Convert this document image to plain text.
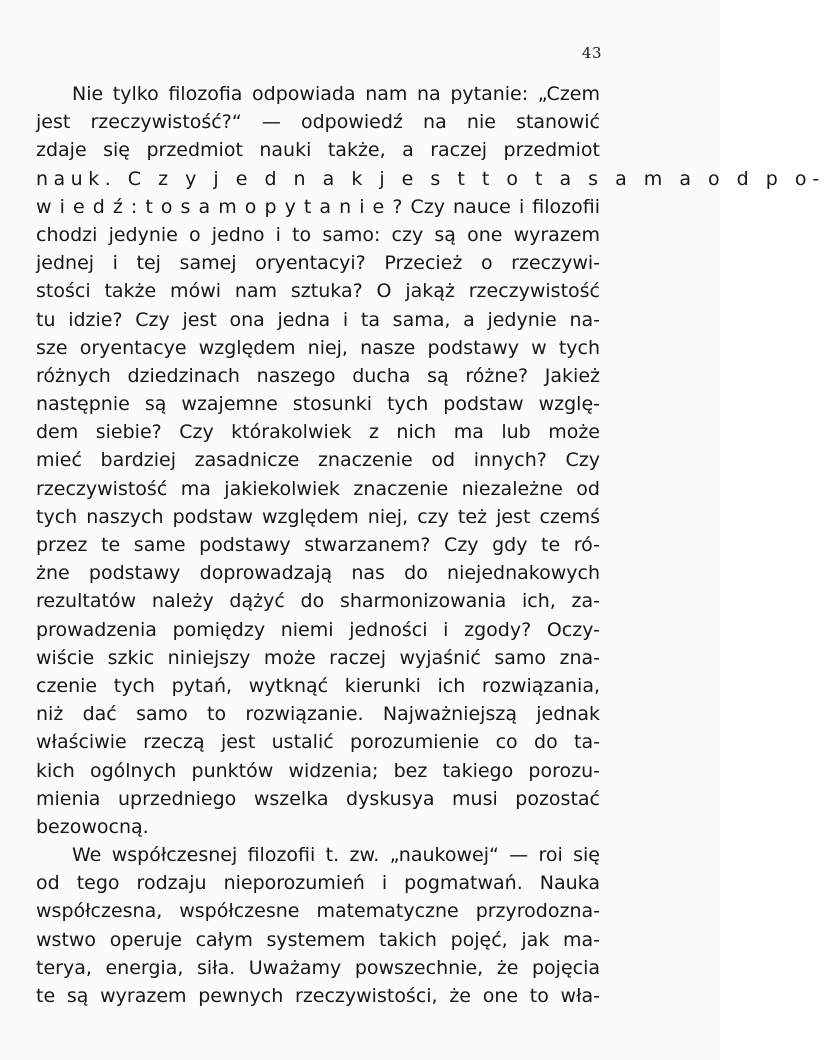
43
Nie tylko filozofia odpowiada nam na pytanie: „Czem
jest rzeczywistość?“ — odpowiedź na nie stanowić
zdaje się przedmiot nauki także, a raczej przedmiot
nauk. C z y j e d n a k j e s t t o t a s a m a o d p o-
w i e d ź : t o s a m o p y t a n i e ? Czy nauce i filozofii
chodzi jedynie o jedno i to samo: czy są one wyrazem
jednej i tej samej oryentacyi? Przecież o rzeczywi-
stości także mówi nam sztuka? O jakąż rzeczywistość
tu idzie? Czy jest ona jedna i ta sama, a jedynie na-
sze oryentacye względem niej, nasze podstawy w tych
różnych dziedzinach naszego ducha są różne? Jakież
następnie są wzajemne stosunki tych podstaw wzglę-
dem siebie? Czy którakolwiek z nich ma lub może
mieć bardziej zasadnicze znaczenie od innych? Czy
rzeczywistość ma jakiekolwiek znaczenie niezależne od
tych naszych podstaw względem niej, czy też jest czemś
przez te same podstawy stwarzanem? Czy gdy te ró-
żne podstawy doprowadzają nas do niejednakowych
rezultatów należy dążyć do sharmonizowania ich, za-
prowadzenia pomiędzy niemi jedności i zgody? Oczy-
wiście szkic niniejszy może raczej wyjaśnić samo zna-
czenie tych pytań, wytknąć kierunki ich rozwiązania,
niż dać samo to rozwiązanie. Najważniejszą jednak
właściwie rzeczą jest ustalić porozumienie co do ta-
kich ogólnych punktów widzenia; bez takiego porozu-
mienia uprzedniego wszelka dyskusya musi pozostać
bezowocną.
We współczesnej filozofii t. zw. „naukowej“ — roi się
od tego rodzaju nieporozumień i pogmatwań. Nauka
współczesna, współczesne matematyczne przyrodozna-
wstwo operuje całym systemem takich pojęć, jak ma-
terya, energia, siła. Uważamy powszechnie, że pojęcia
te są wyrazem pewnych rzeczywistości, że one to wła-
